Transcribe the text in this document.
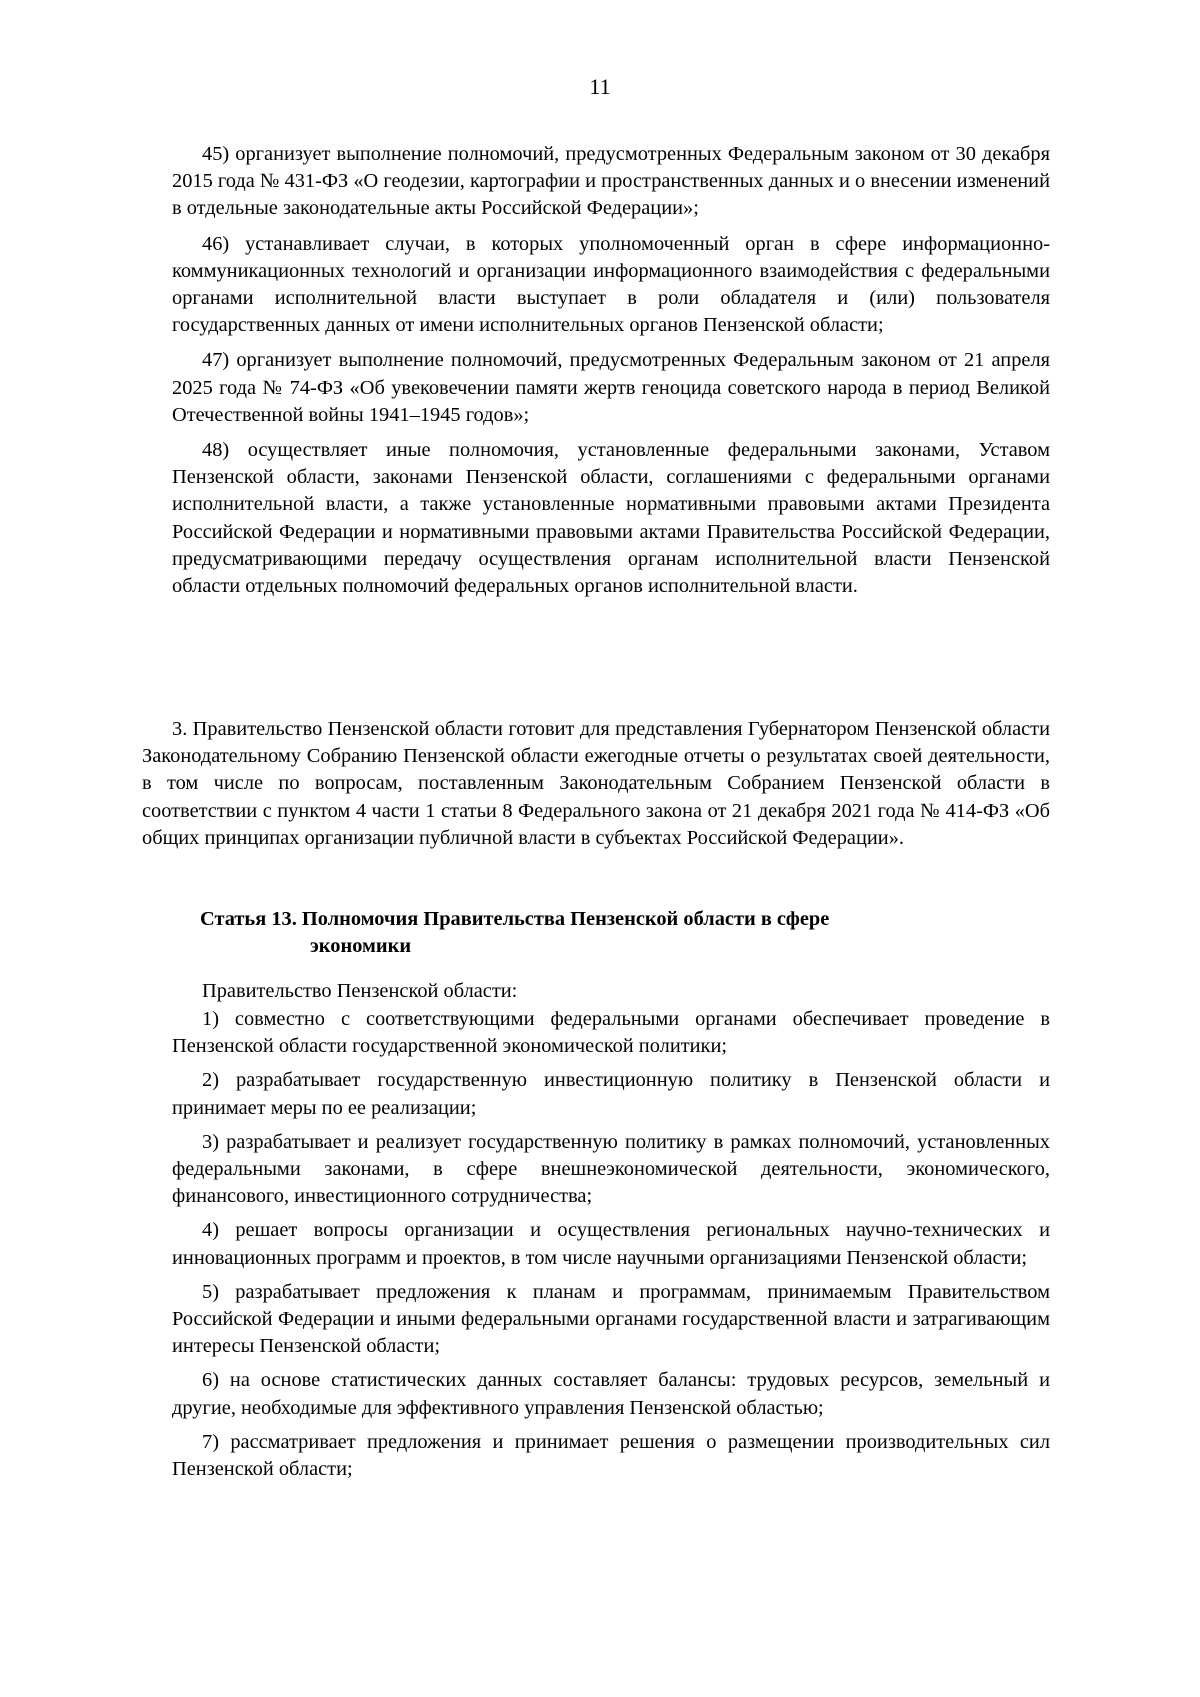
11

45) организует выполнение полномочий, предусмотренных Федеральным законом от 30 декабря 2015 года № 431-ФЗ «О геодезии, картографии и пространственных данных и о внесении изменений в отдельные законодательные акты Российской Федерации»;

46) устанавливает случаи, в которых уполномоченный орган в сфере информационно-коммуникационных технологий и организации информационного взаимодействия с федеральными органами исполнительной власти выступает в роли обладателя и (или) пользователя государственных данных от имени исполнительных органов Пензенской области;

47) организует выполнение полномочий, предусмотренных Федеральным законом от 21 апреля 2025 года № 74-ФЗ «Об увековечении памяти жертв геноцида советского народа в период Великой Отечественной войны 1941–1945 годов»;

48) осуществляет иные полномочия, установленные федеральными законами, Уставом Пензенской области, законами Пензенской области, соглашениями с федеральными органами исполнительной власти, а также установленные нормативными правовыми актами Президента Российской Федерации и нормативными правовыми актами Правительства Российской Федерации, предусматривающими передачу осуществления органам исполнительной власти Пензенской области отдельных полномочий федеральных органов исполнительной власти.

3. Правительство Пензенской области готовит для представления Губернатором Пензенской области Законодательному Собранию Пензенской области ежегодные отчеты о результатах своей деятельности, в том числе по вопросам, поставленным Законодательным Собранием Пензенской области в соответствии с пунктом 4 части 1 статьи 8 Федерального закона от 21 декабря 2021 года № 414-ФЗ «Об общих принципах организации публичной власти в субъектах Российской Федерации».

Статья 13. Полномочия Правительства Пензенской области в сфере
экономики
Правительство Пензенской области:

1) совместно с соответствующими федеральными органами обеспечивает проведение в Пензенской области государственной экономической политики;

2) разрабатывает государственную инвестиционную политику в Пензенской области и принимает меры по ее реализации;

3) разрабатывает и реализует государственную политику в рамках полномочий, установленных федеральными законами, в сфере внешнеэкономической деятельности, экономического, финансового, инвестиционного сотрудничества;

4) решает вопросы организации и осуществления региональных научно-технических и инновационных программ и проектов, в том числе научными организациями Пензенской области;

5) разрабатывает предложения к планам и программам, принимаемым Правительством Российской Федерации и иными федеральными органами государственной власти и затрагивающим интересы Пензенской области;

6) на основе статистических данных составляет балансы: трудовых ресурсов, земельный и другие, необходимые для эффективного управления Пензенской областью;

7) рассматривает предложения и принимает решения о размещении производительных сил Пензенской области;
